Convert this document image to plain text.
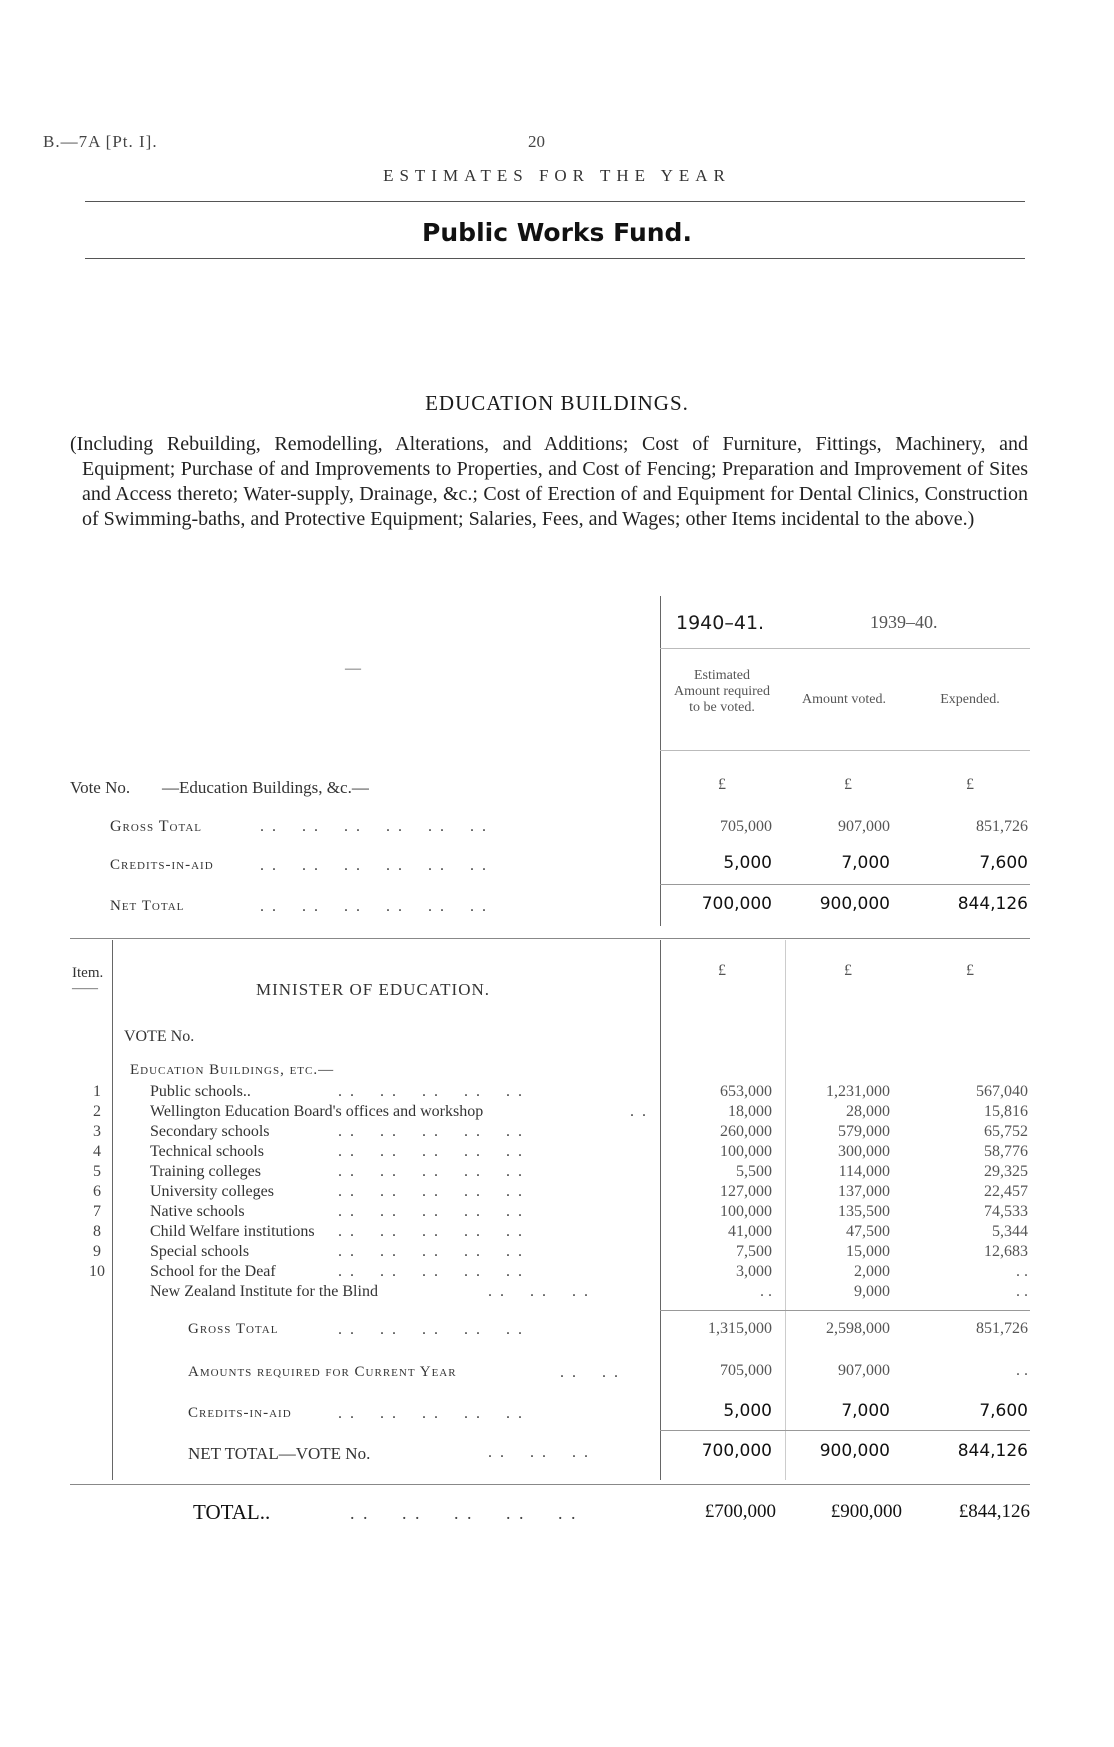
B.—7A [Pt. I].	20
ESTIMATES FOR THE YEAR
Public Works Fund.
EDUCATION BUILDINGS.
(Including Rebuilding, Remodelling, Alterations, and Additions; Cost of Furniture, Fittings, Machinery, and Equipment; Purchase of and Improvements to Properties, and Cost of Fencing; Preparation and Improvement of Sites and Access thereto; Water-supply, Drainage, &c.; Cost of Erection of and Equipment for Dental Clinics, Construction of Swimming-baths, and Protective Equipment; Salaries, Fees, and Wages; other Items incidental to the above.)
—
1940–41.	1939–40.
Estimated Amount required to be voted.
Amount voted.	Expended.
Vote No. —Education Buildings, &c.—	£	£	£
Gross Total	. .    . .    . .    . .    . .    . .	705,000	907,000	851,726
Credits-in-aid	. .    . .    . .    . .    . .    . .	5,000	7,000	7,600
Net Total	. .    . .    . .    . .    . .    . .	700,000	900,000	844,126
Item.
——	MINISTER OF EDUCATION.
£	£	£
VOTE No.
Education Buildings, etc.—
1	Public schools..	. .    . .    . .    . .    . .	653,000	1,231,000	567,040
2	Wellington Education Board's offices and workshop	. .	18,000	28,000	15,816
3	Secondary schools	. .    . .    . .    . .    . .	260,000	579,000	65,752
4	Technical schools	. .    . .    . .    . .    . .	100,000	300,000	58,776
5	Training colleges	. .    . .    . .    . .    . .	5,500	114,000	29,325
6	University colleges	. .    . .    . .    . .    . .	127,000	137,000	22,457
7	Native schools	. .    . .    . .    . .    . .	100,000	135,500	74,533
8	Child Welfare institutions . .    . .    . .    . .    . .	41,000	47,500	5,344
9	Special schools	. .    . .    . .    . .    . .	7,500	15,000	12,683
10	School for the Deaf	. .    . .    . .    . .    . .	3,000	2,000	. .
New Zealand Institute for the Blind	. .    . .    . .	. .	9,000	. .
Gross Total	. .    . .    . .    . .    . .	1,315,000	2,598,000	851,726
Amounts required for Current Year	. .    . .	705,000	907,000	. .
Credits-in-aid	. .    . .    . .    . .    . .	5,000	7,000	7,600
NET TOTAL—VOTE No.	. .    . .    . .	700,000	900,000	844,126
TOTAL..	. .     . .     . .     . .     . .	£700,000	£900,000	£844,126
